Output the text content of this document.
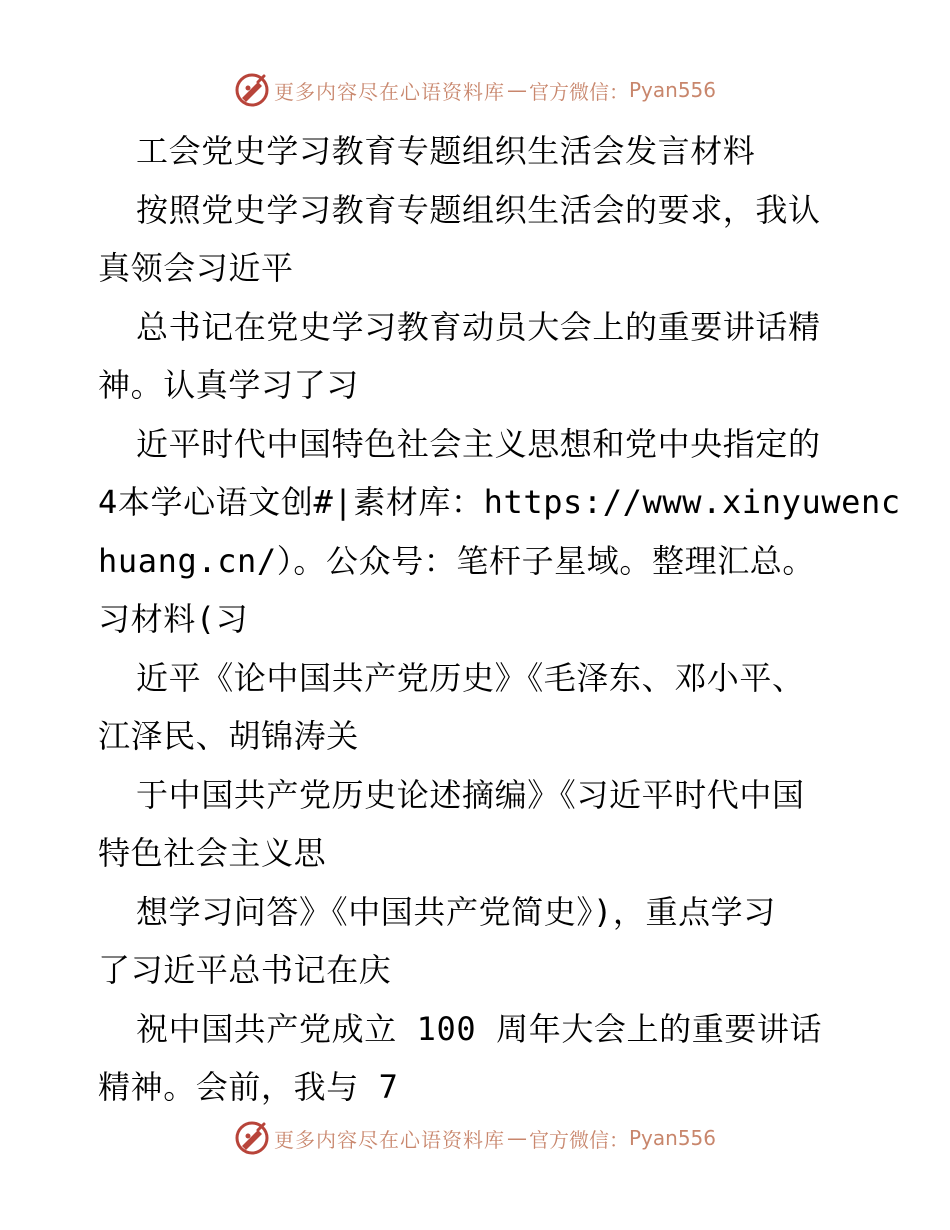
更多内容尽在心语资料库 — 官方微信： Pyan556
工会党史学习教育专题组织生活会发言材料
按照党史学习教育专题组织生活会的要求，我认
真领会习近平
总书记在党史学习教育动员大会上的重要讲话精
神。认真学习了习
近平时代中国特色社会主义思想和党中央指定的
4本学心语文创#|素材库：https://www.xinyuwenc
huang.cn/）。公众号：笔杆子星域。整理汇总。
习材料(习
近平《论中国共产党历史》《毛泽东、邓小平、
江泽民、胡锦涛关
于中国共产党历史论述摘编》《习近平时代中国
特色社会主义思
想学习问答》《中国共产党简史》)，重点学习
了习近平总书记在庆
祝中国共产党成立 100 周年大会上的重要讲话
精神。会前，我与 7
更多内容尽在心语资料库 — 官方微信： Pyan556
